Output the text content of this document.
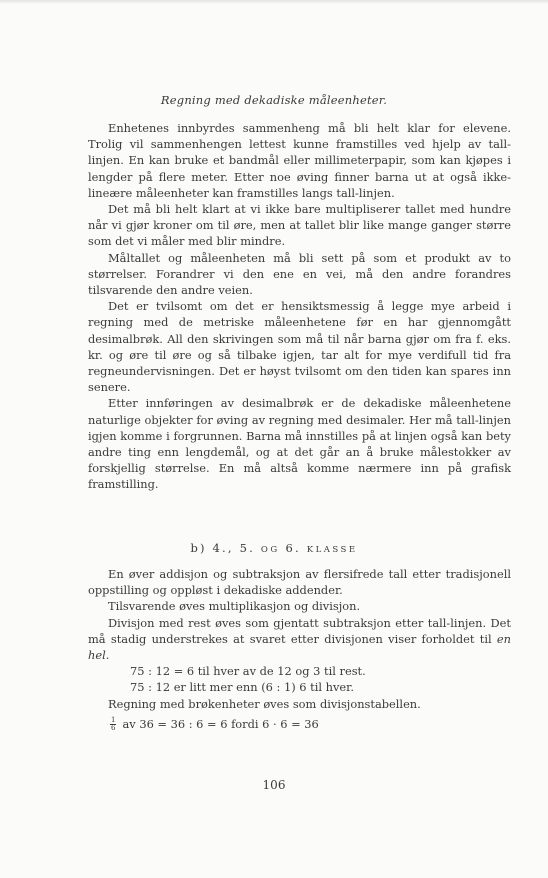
Regning med dekadiske måleenheter.

Enhetenes innbyrdes sammenheng må bli helt klar for elevene. Trolig vil sammenhengen lettest kunne framstilles ved hjelp av tall-linjen. En kan bruke et bandmål eller millimeterpapir, som kan kjøpes i lengder på flere meter. Etter noe øving finner barna ut at også ikke-lineære måleenheter kan framstilles langs tall-linjen.

Det må bli helt klart at vi ikke bare multipliserer tallet med hundre når vi gjør kroner om til øre, men at tallet blir like mange ganger større som det vi måler med blir mindre.

Måltallet og måleenheten må bli sett på som et produkt av to størrelser. Forandrer vi den ene en vei, må den andre forandres tilsvarende den andre veien.

Det er tvilsomt om det er hensiktsmessig å legge mye arbeid i regning med de metriske måleenhetene før en har gjennomgått desimalbrøk. All den skrivingen som må til når barna gjør om fra f. eks. kr. og øre til øre og så tilbake igjen, tar alt for mye verdifull tid fra regneundervisningen. Det er høyst tvilsomt om den tiden kan spares inn senere.

Etter innføringen av desimalbrøk er de dekadiske måleenhetene naturlige objekter for øving av regning med desimaler. Her må tall-linjen igjen komme i forgrunnen. Barna må innstilles på at linjen også kan bety andre ting enn lengdemål, og at det går an å bruke målestokker av forskjellig størrelse. En må altså komme nærmere inn på grafisk framstilling.

b) 4., 5. OG 6. KLASSE

En øver addisjon og subtraksjon av flersifrede tall etter tradisjonell oppstilling og oppløst i dekadiske addender.

Tilsvarende øves multiplikasjon og divisjon.

Divisjon med rest øves som gjentatt subtraksjon etter tall-linjen. Det må stadig understrekes at svaret etter divisjonen viser forholdet til en hel.

75 : 12 = 6 til hver av de 12 og 3 til rest.

75 : 12 er litt mer enn (6 : 1) 6 til hver.

Regning med brøkenheter øves som divisjonstabellen.

$\frac{1}{6}$ av 36 = 36 : 6 = 6 fordi 6 · 6 = 36

106
